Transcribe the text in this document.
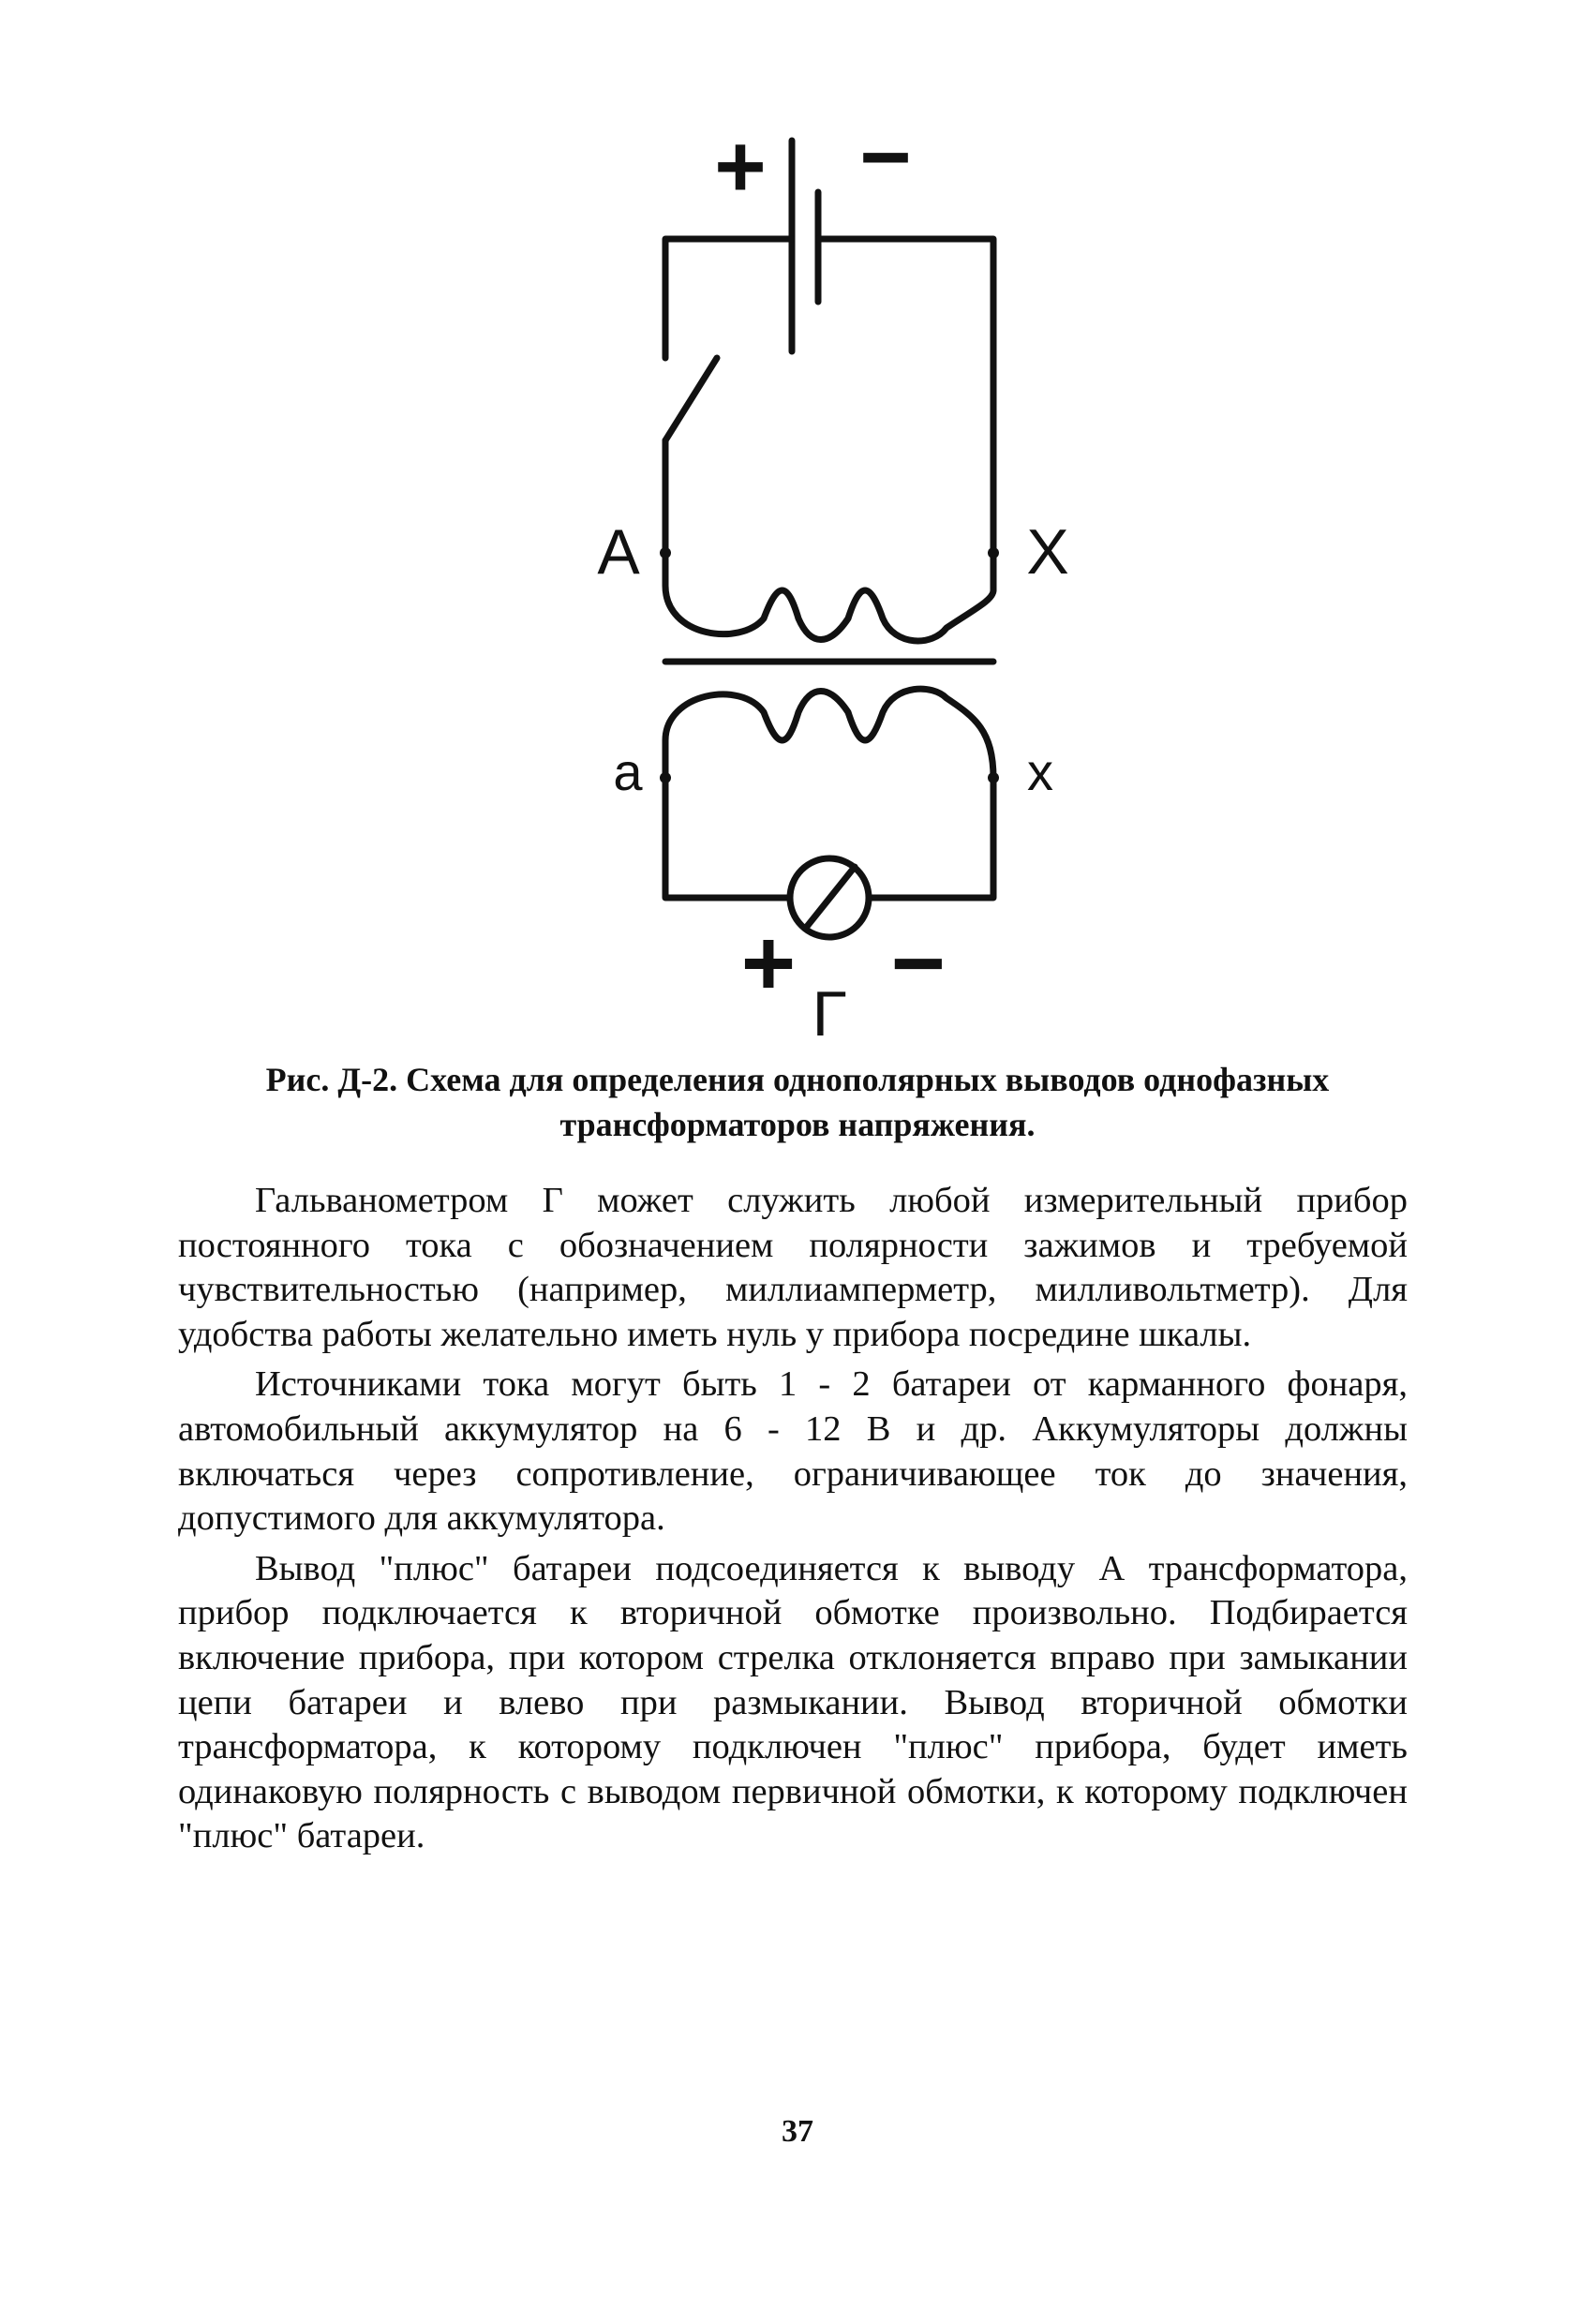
+ −
A	X
a	x
+ −
Г
Рис. Д-2. Схема для определения однополярных выводов однофазных
трансформаторов напряжения.

Гальванометром Г может служить любой измерительный прибор постоянного тока с обозначением полярности зажимов и требуемой чувствительностью (например, миллиамперметр, милливольтметр). Для удобства работы желательно иметь нуль у прибора посредине шкалы.

Источниками тока могут быть 1 - 2 батареи от карманного фонаря, автомобильный аккумулятор на 6 - 12 В и др. Аккумуляторы должны включаться через сопротивление, ограничивающее ток до значения, допустимого для аккумулятора.

Вывод "плюс" батареи подсоединяется к выводу А трансформатора, прибор подключается к вторичной обмотке произвольно. Подбирается включение прибора, при котором стрелка отклоняется вправо при замыкании цепи батареи и влево при размыкании. Вывод вторичной обмотки трансформатора, к которому подключен "плюс" прибора, будет иметь одинаковую полярность с выводом первичной обмотки, к которому подключен "плюс" батареи.

37
